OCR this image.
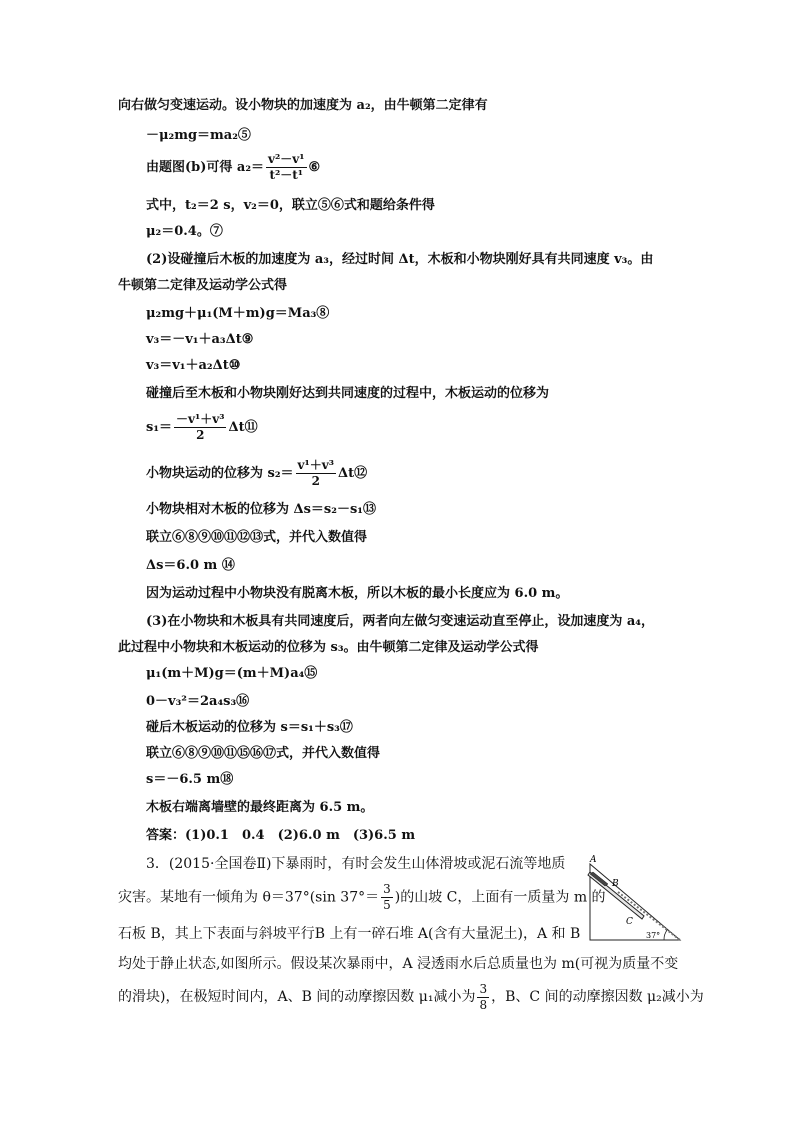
向右做匀变速运动。设小物块的加速度为 a₂，由牛顿第二定律有
－μ₂mg＝ma₂⑤
由题图(b)可得 $a_2= \frac{\text{v²－v¹}}{\text{t²－t¹}}$ ⑥
式中，t₂＝2 s，v₂＝0，联立⑤⑥式和题给条件得
μ₂＝0.4。⑦
(2)设碰撞后木板的加速度为 a₃，经过时间 Δt，木板和小物块刚好具有共同速度 v₃。由
牛顿第二定律及运动学公式得
μ₂mg＋μ₁(M＋m)g＝Ma₃⑧
v₃＝－v₁＋a₃Δt⑨
v₃＝v₁＋a₂Δt⑩
碰撞后至木板和小物块刚好达到共同速度的过程中，木板运动的位移为
$s_1= \frac{\text{－v¹＋v³}}{2}$ Δt⑪
小物块运动的位移为 $s_2= \frac{\text{v¹＋v³}}{2}$ Δt⑫
小物块相对木板的位移为 Δs＝s₂－s₁⑬
联立⑥⑧⑨⑩⑪⑫⑬式，并代入数值得
Δs＝6.0 m ⑭
因为运动过程中小物块没有脱离木板，所以木板的最小长度应为 6.0 m。
(3)在小物块和木板具有共同速度后，两者向左做匀变速运动直至停止，设加速度为 a₄，
此过程中小物块和木板运动的位移为 s₃。由牛顿第二定律及运动学公式得
μ₁(m＋M)g＝(m＋M)a₄⑮
0－v₃²＝2a₄s₃⑯
碰后木板运动的位移为 s＝s₁＋s₃⑰
联立⑥⑧⑨⑩⑪⑮⑯⑰式，并代入数值得
s＝－6.5 m⑱
木板右端离墙壁的最终距离为 6.5 m。
答案：(1)0.1　0.4　(2)6.0 m　(3)6.5 m
3．(2015·全国卷Ⅱ)下暴雨时，有时会发生山体滑坡或泥石流等地质
灾害。某地有一倾角为 θ＝37°(sin $37^\circ= \frac{3}{5}$ )的山坡 C，上面有一质量为 m 的
石板 B，其上下表面与斜坡平行B 上有一碎石堆 A(含有大量泥土)，A 和 B
均处于静止状态,如图所示。假设某次暴雨中，A 浸透雨水后总质量也为 m(可视为质量不变
的滑块)，在极短时间内，A、B 间的动摩擦因数 μ₁减小为 $\frac{3}{8}$ ，B、C 间的动摩擦因数 μ₂减小为
A
B
C
37°
